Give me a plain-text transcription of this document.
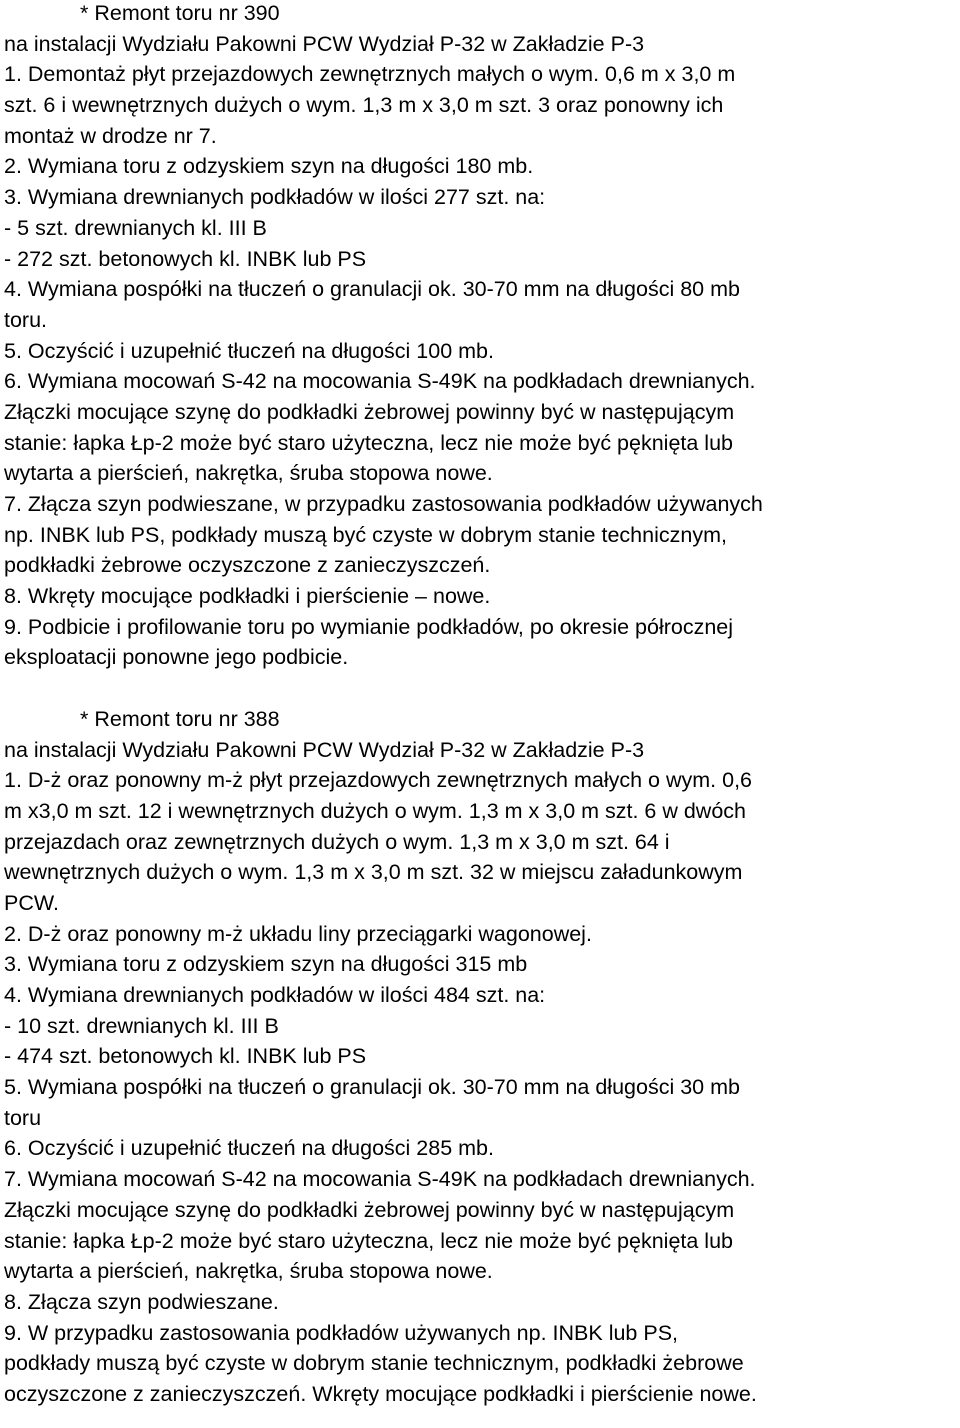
* Remont toru nr 390
na instalacji Wydziału Pakowni PCW Wydział P-32 w Zakładzie P-3
1. Demontaż płyt przejazdowych zewnętrznych małych o wym. 0,6 m x 3,0 m
szt. 6 i wewnętrznych dużych o wym. 1,3 m x 3,0 m szt. 3 oraz ponowny ich
montaż w drodze nr 7.
2. Wymiana toru z odzyskiem szyn na długości 180 mb.
3. Wymiana drewnianych podkładów w ilości 277 szt. na:
- 5 szt. drewnianych kl. III B
- 272 szt. betonowych kl. INBK lub PS
4. Wymiana pospółki na tłuczeń o granulacji ok. 30-70 mm na długości 80 mb
toru.
5. Oczyścić i uzupełnić tłuczeń na długości 100 mb.
6. Wymiana mocowań S-42 na mocowania S-49K na podkładach drewnianych.
Złączki mocujące szynę do podkładki żebrowej powinny być w następującym
stanie: łapka Łp-2 może być staro użyteczna, lecz nie może być pęknięta lub
wytarta a pierścień, nakrętka, śruba stopowa nowe.
7. Złącza szyn podwieszane, w przypadku zastosowania podkładów używanych
np. INBK lub PS, podkłady muszą być czyste w dobrym stanie technicznym,
podkładki żebrowe oczyszczone z zanieczyszczeń.
8. Wkręty mocujące podkładki i pierścienie – nowe.
9. Podbicie i profilowanie toru po wymianie podkładów, po okresie półrocznej
eksploatacji ponowne jego podbicie.
* Remont toru nr 388
na instalacji Wydziału Pakowni PCW Wydział P-32 w Zakładzie P-3
1. D-ż oraz ponowny m-ż płyt przejazdowych zewnętrznych małych o wym. 0,6
m x3,0 m szt. 12 i wewnętrznych dużych o wym. 1,3 m x 3,0 m szt. 6 w dwóch
przejazdach oraz zewnętrznych dużych o wym. 1,3 m x 3,0 m szt. 64 i
wewnętrznych dużych o wym. 1,3 m x 3,0 m szt. 32 w miejscu załadunkowym
PCW.
2. D-ż oraz ponowny m-ż układu liny przeciągarki wagonowej.
3. Wymiana toru z odzyskiem szyn na długości 315 mb
4. Wymiana drewnianych podkładów w ilości 484 szt. na:
- 10 szt. drewnianych kl. III B
- 474 szt. betonowych kl. INBK lub PS
5. Wymiana pospółki na tłuczeń o granulacji ok. 30-70 mm na długości 30 mb
toru
6. Oczyścić i uzupełnić tłuczeń na długości 285 mb.
7. Wymiana mocowań S-42 na mocowania S-49K na podkładach drewnianych.
Złączki mocujące szynę do podkładki żebrowej powinny być w następującym
stanie: łapka Łp-2 może być staro użyteczna, lecz nie może być pęknięta lub
wytarta a pierścień, nakrętka, śruba stopowa nowe.
8. Złącza szyn podwieszane.
9. W przypadku zastosowania podkładów używanych np. INBK lub PS,
podkłady muszą być czyste w dobrym stanie technicznym, podkładki żebrowe
oczyszczone z zanieczyszczeń. Wkręty mocujące podkładki i pierścienie nowe.
